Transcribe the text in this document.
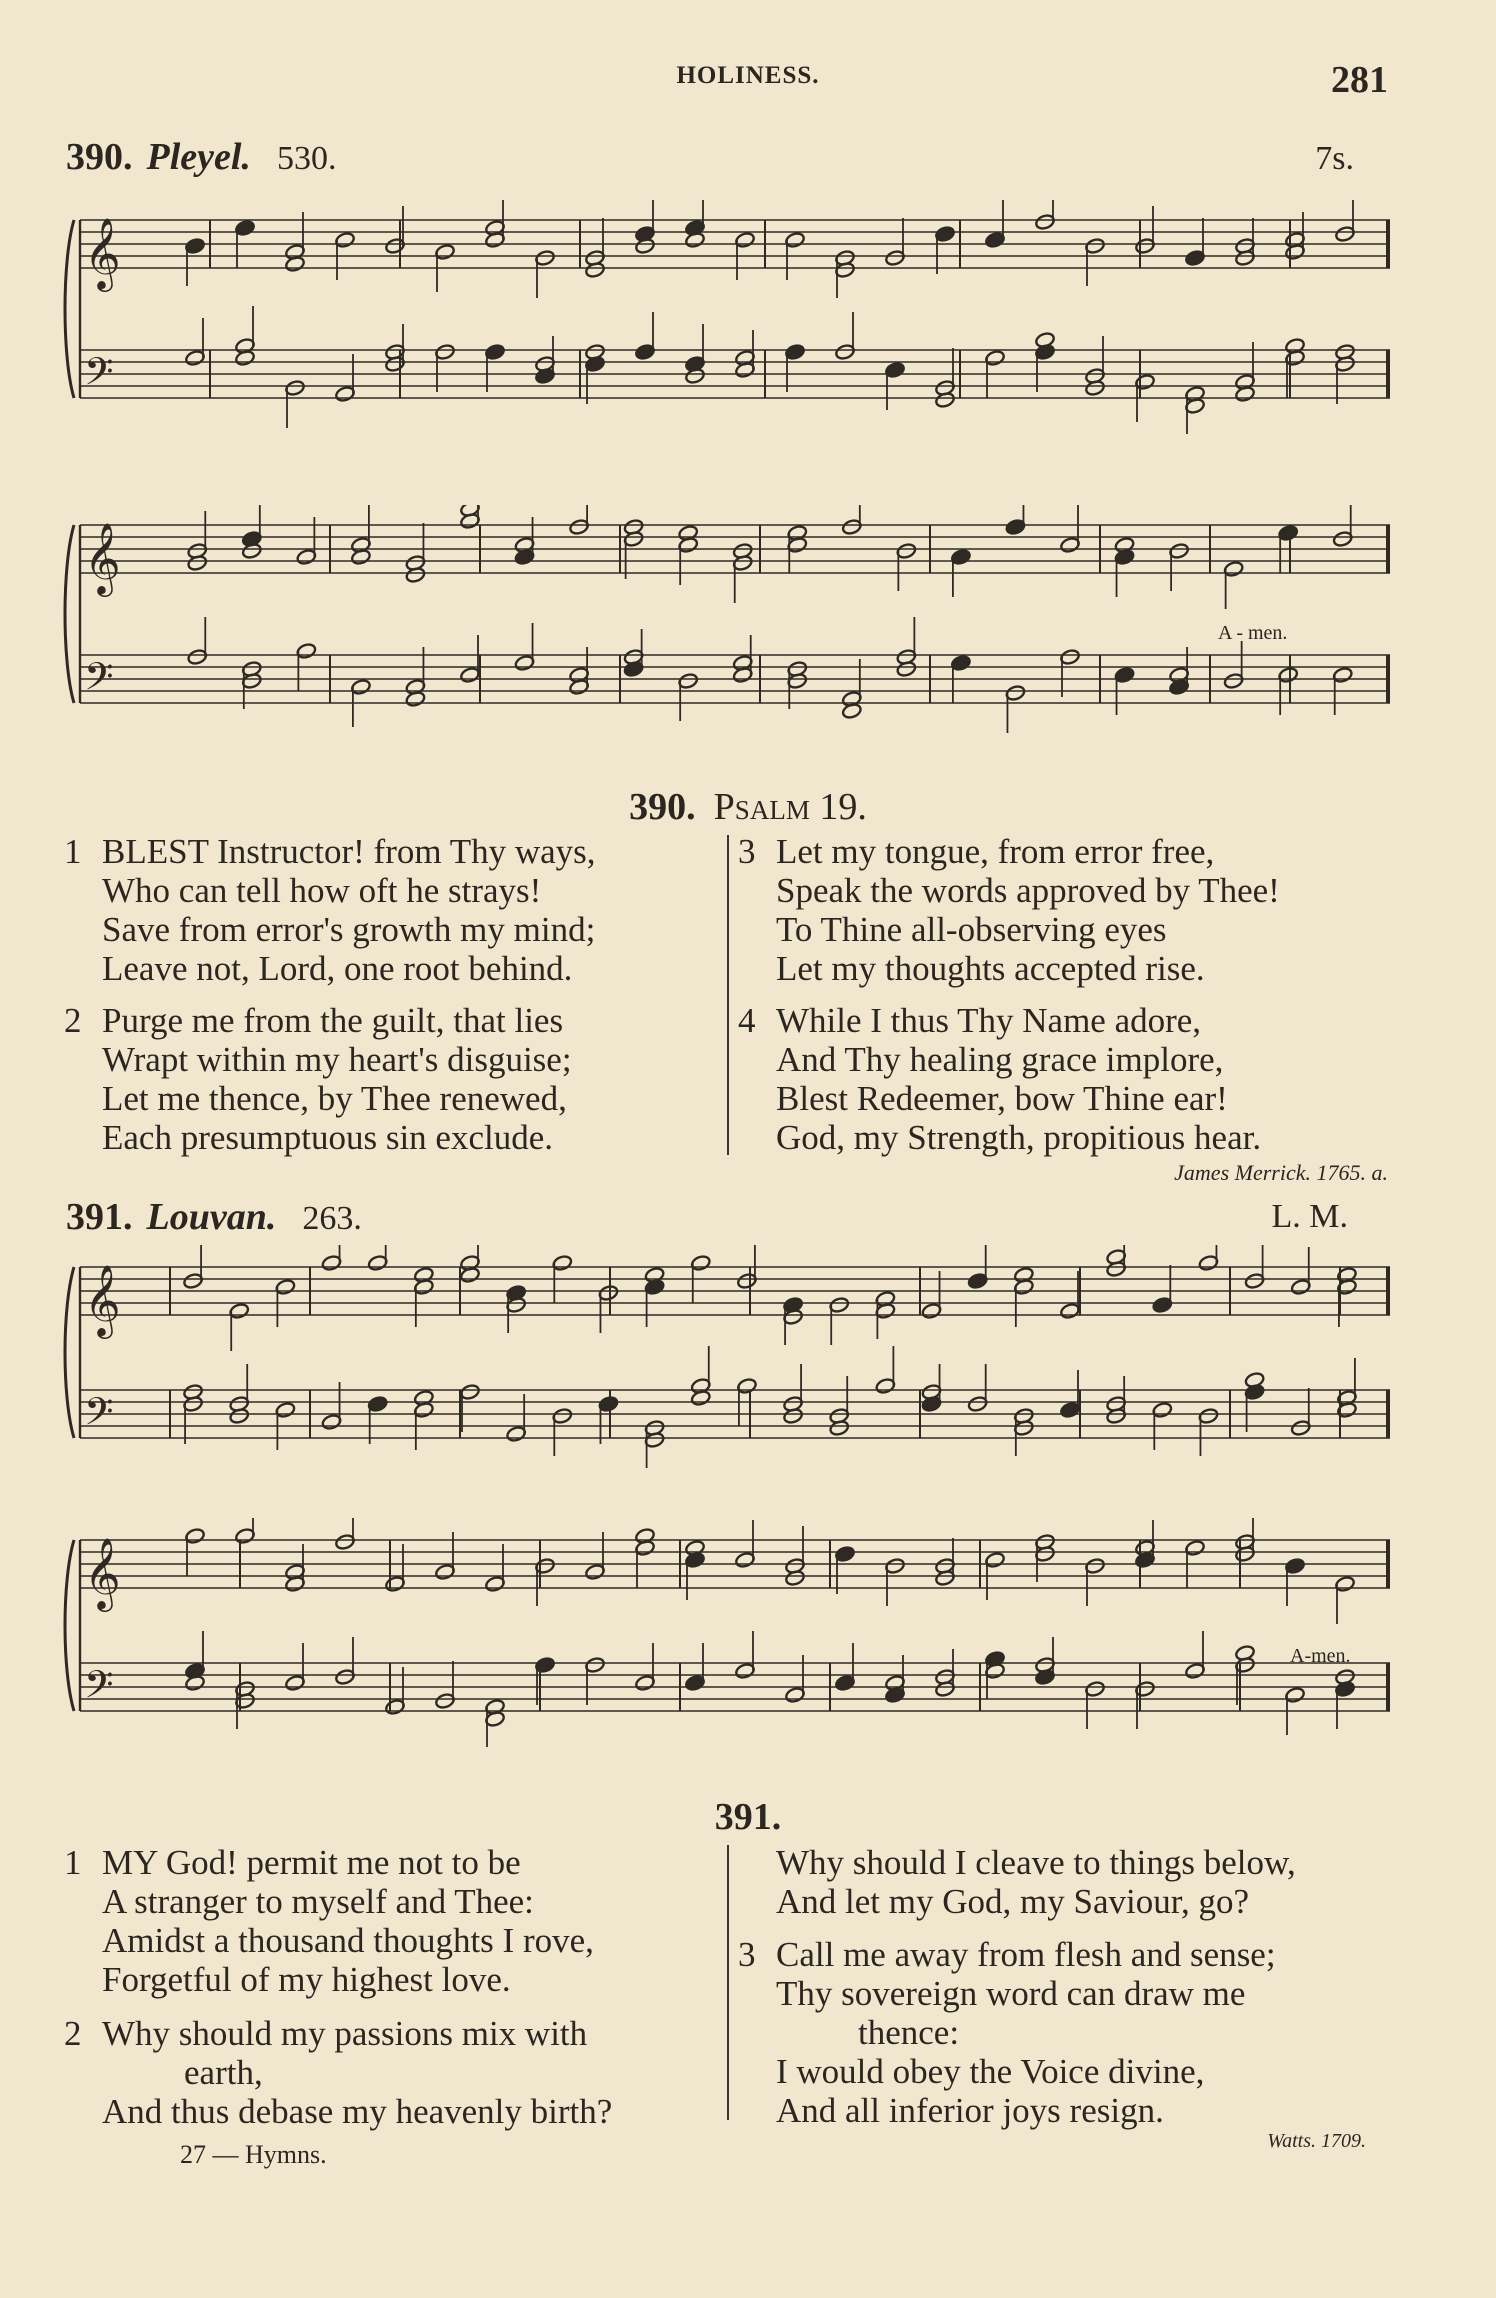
HOLINESS.	281
390. Pleyel. 530.	7s.
𝄞
𝄢
𝄞
𝄢
A - men.
390. Psalm 19.
1 BLEST Instructor! from Thy ways,
Who can tell how oft he strays!
Save from error's growth my mind;
Leave not, Lord, one root behind.
2 Purge me from the guilt, that lies
Wrapt within my heart's disguise;
Let me thence, by Thee renewed,
Each presumptuous sin exclude.
3 Let my tongue, from error free,
Speak the words approved by Thee!
To Thine all-observing eyes
Let my thoughts accepted rise.
4 While I thus Thy Name adore,
And Thy healing grace implore,
Blest Redeemer, bow Thine ear!
God, my Strength, propitious hear.
James Merrick. 1765. a.
391. Louvan. 263.	L. M.
𝄞
𝄢
𝄞
𝄢
A-men.
391.
1 MY God! permit me not to be
A stranger to myself and Thee:
Amidst a thousand thoughts I rove,
Forgetful of my highest love.
2 Why should my passions mix with
earth,
And thus debase my heavenly birth?
27 — Hymns.
Why should I cleave to things below,
And let my God, my Saviour, go?
3 Call me away from flesh and sense;
Thy sovereign word can draw me
thence:
I would obey the Voice divine,
And all inferior joys resign.
Watts. 1709.
